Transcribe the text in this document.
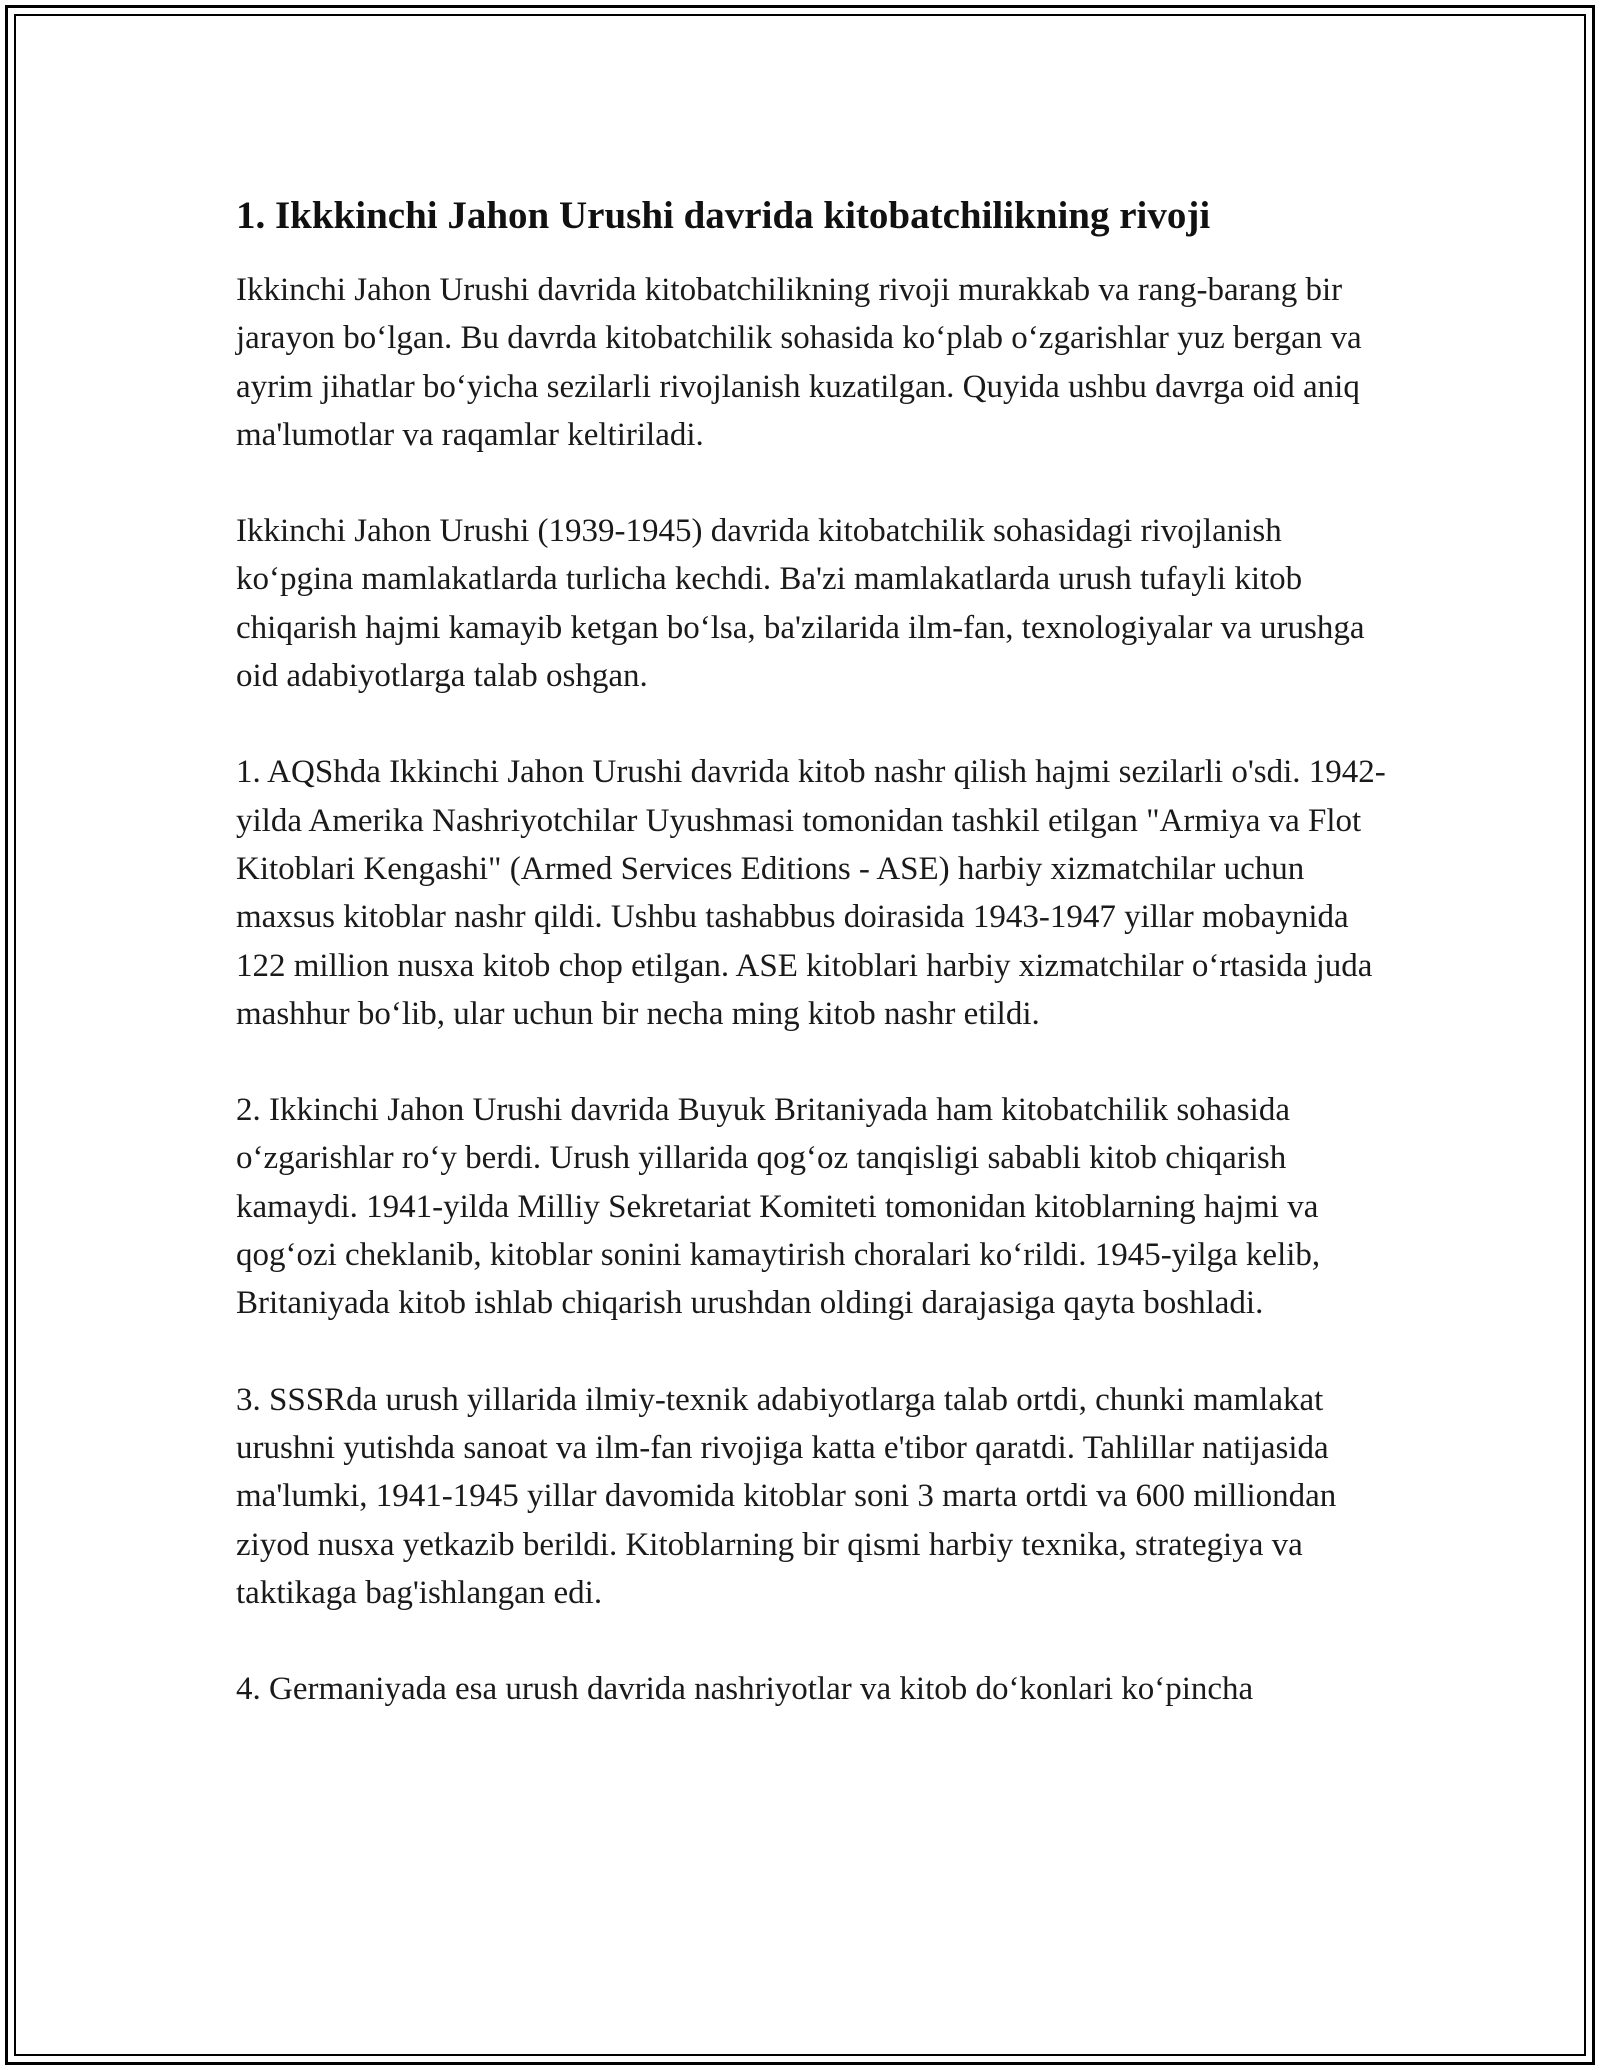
1. Ikkkinchi Jahon Urushi davrida kitobatchilikning rivoji

Ikkinchi Jahon Urushi davrida kitobatchilikning rivoji murakkab va rang-barang bir jarayon bo‘lgan. Bu davrda kitobatchilik sohasida ko‘plab o‘zgarishlar yuz bergan va ayrim jihatlar bo‘yicha sezilarli rivojlanish kuzatilgan. Quyida ushbu davrga oid aniq ma'lumotlar va raqamlar keltiriladi.

Ikkinchi Jahon Urushi (1939-1945) davrida kitobatchilik sohasidagi rivojlanish ko‘pgina mamlakatlarda turlicha kechdi. Ba'zi mamlakatlarda urush tufayli kitob chiqarish hajmi kamayib ketgan bo‘lsa, ba'zilarida ilm-fan, texnologiyalar va urushga oid adabiyotlarga talab oshgan.

1. AQShda Ikkinchi Jahon Urushi davrida kitob nashr qilish hajmi sezilarli o'sdi. 1942-yilda Amerika Nashriyotchilar Uyushmasi tomonidan tashkil etilgan "Armiya va Flot Kitoblari Kengashi" (Armed Services Editions - ASE) harbiy xizmatchilar uchun maxsus kitoblar nashr qildi. Ushbu tashabbus doirasida 1943-1947 yillar mobaynida 122 million nusxa kitob chop etilgan. ASE kitoblari harbiy xizmatchilar o‘rtasida juda mashhur bo‘lib, ular uchun bir necha ming kitob nashr etildi.

2. Ikkinchi Jahon Urushi davrida Buyuk Britaniyada ham kitobatchilik sohasida o‘zgarishlar ro‘y berdi. Urush yillarida qog‘oz tanqisligi sababli kitob chiqarish kamaydi. 1941-yilda Milliy Sekretariat Komiteti tomonidan kitoblarning hajmi va qog‘ozi cheklanib, kitoblar sonini kamaytirish choralari ko‘rildi. 1945-yilga kelib, Britaniyada kitob ishlab chiqarish urushdan oldingi darajasiga qayta boshladi.

3. SSSRda urush yillarida ilmiy-texnik adabiyotlarga talab ortdi, chunki mamlakat urushni yutishda sanoat va ilm-fan rivojiga katta e'tibor qaratdi. Tahlillar natijasida ma'lumki, 1941-1945 yillar davomida kitoblar soni 3 marta ortdi va 600 milliondan ziyod nusxa yetkazib berildi. Kitoblarning bir qismi harbiy texnika, strategiya va taktikaga bag'ishlangan edi.

4. Germaniyada esa urush davrida nashriyotlar va kitob do‘konlari ko‘pincha
